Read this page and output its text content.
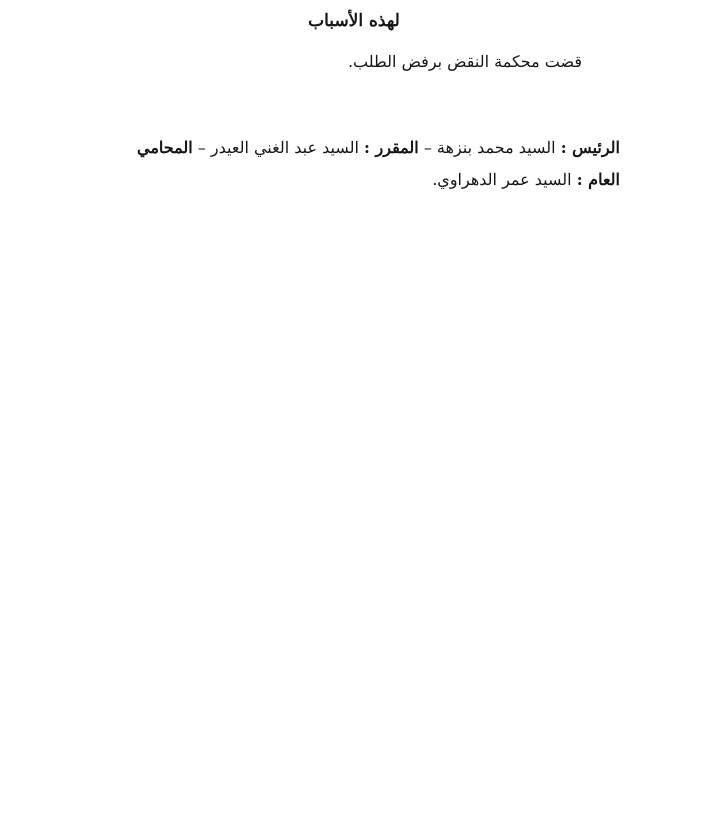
لهذه الأسباب

قضت محكمة النقض برفض الطلب.

الرئيس : السيد محمد بنزهة – المقرر : السيد عبد الغني العيدر – المحامي العام : السيد عمر الدهراوي.
